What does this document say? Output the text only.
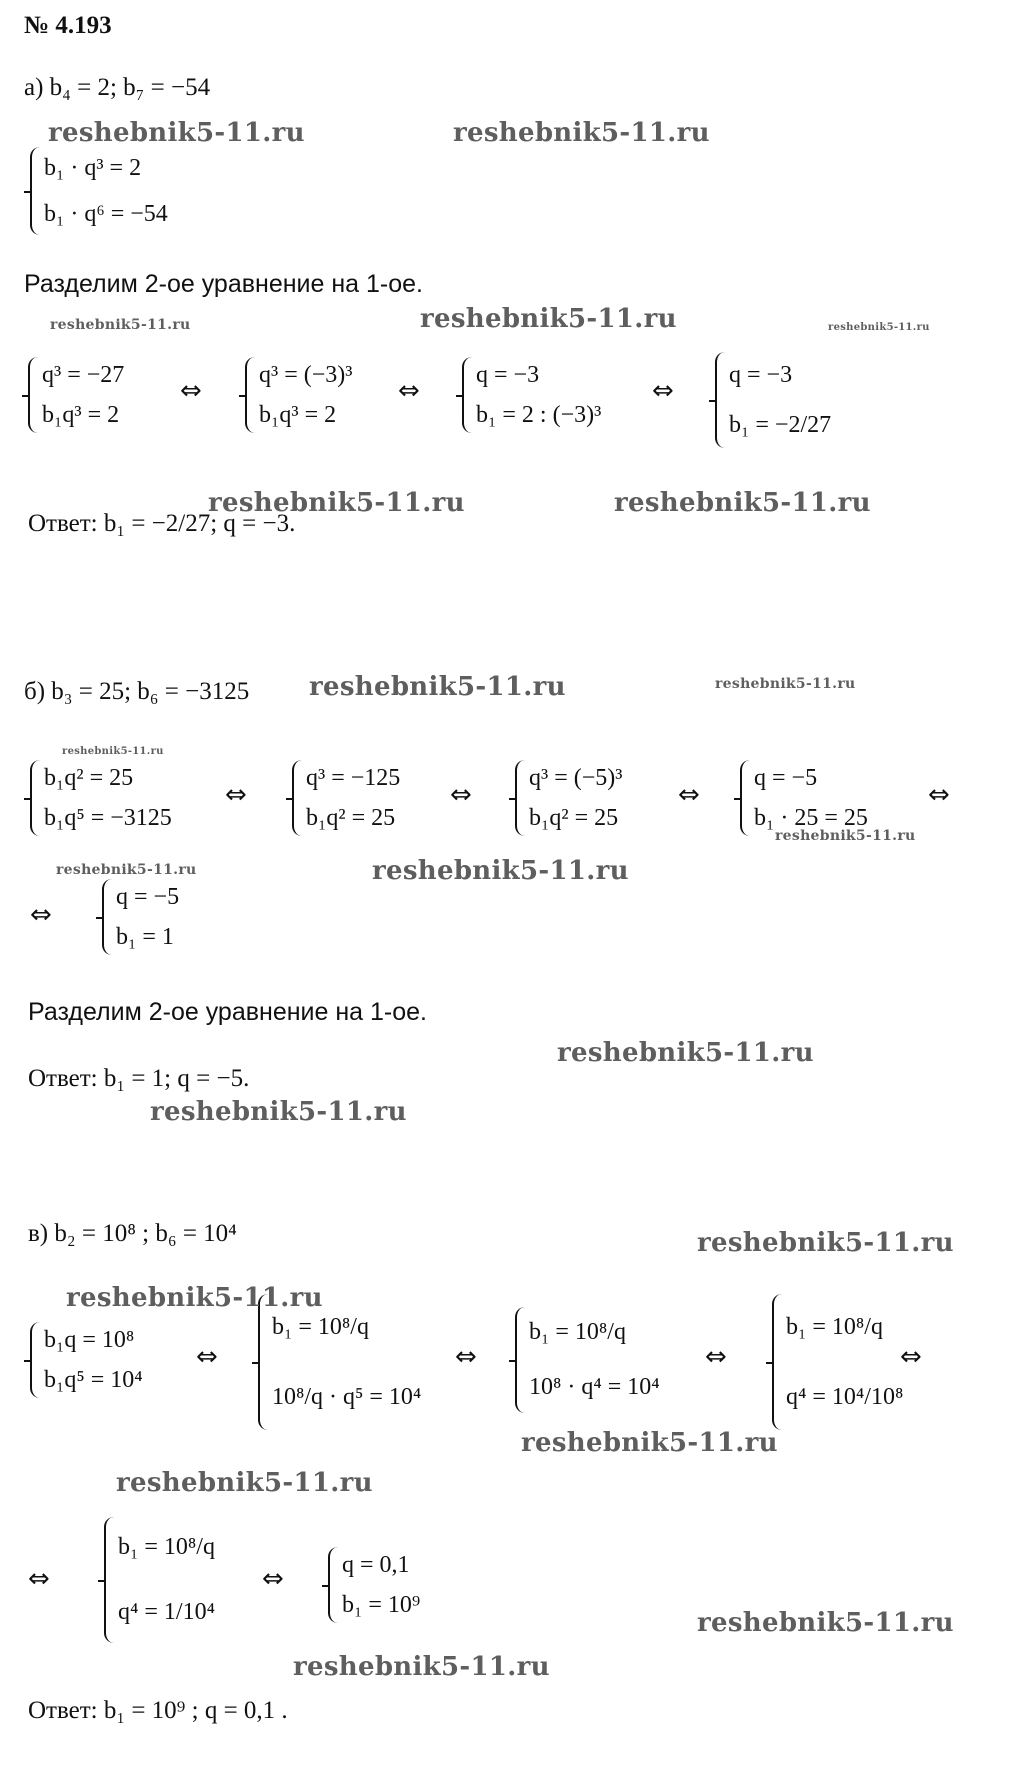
№ 4.193
а) b₄ = 2; b₇ = −54
b₁ · q³ = 2
b₁ · q⁶ = −54
Разделим 2-ое уравнение на 1-ое.
q³ = −27
b₁q³ = 2
⇔
q³ = (−3)³
b₁q³ = 2
⇔
q = −3
b₁ = 2 : (−3)³
⇔
q = −3
b₁ = −2/27
Ответ: b₁ = −2/27; q = −3.
б) b₃ = 25; b₆ = −3125
b₁q² = 25
b₁q⁵ = −3125
⇔
q³ = −125
b₁q² = 25
⇔
q³ = (−5)³
b₁q² = 25
⇔
q = −5
b₁ · 25 = 25
⇔
⇔
q = −5
b₁ = 1
Разделим 2-ое уравнение на 1-ое.
Ответ: b₁ = 1; q = −5.
в) b₂ = 10⁸ ; b₆ = 10⁴
b₁q = 10⁸
b₁q⁵ = 10⁴
⇔
b₁ = 10⁸/q
10⁸/q · q⁵ = 10⁴
⇔
b₁ = 10⁸/q
10⁸ · q⁴ = 10⁴
⇔
b₁ = 10⁸/q
q⁴ = 10⁴/10⁸
⇔
⇔
b₁ = 10⁸/q
q⁴ = 1/10⁴
⇔ q = 0,1
b₁ = 10⁹
Ответ: b₁ = 10⁹ ; q = 0,1 .
reshebnik5-11.ru	reshebnik5-11.ru
reshebnik5-11.ru	reshebnik5-11.ru	reshebnik5-11.ru
reshebnik5-11.ru	reshebnik5-11.ru
reshebnik5-11.ru	reshebnik5-11.ru
reshebnik5-11.ru
reshebnik5-11.ru
reshebnik5-11.ru	reshebnik5-11.ru
reshebnik5-11.ru
reshebnik5-11.ru
reshebnik5-11.ru
reshebnik5-11.ru
reshebnik5-11.ru
reshebnik5-11.ru
reshebnik5-11.ru
reshebnik5-11.ru
